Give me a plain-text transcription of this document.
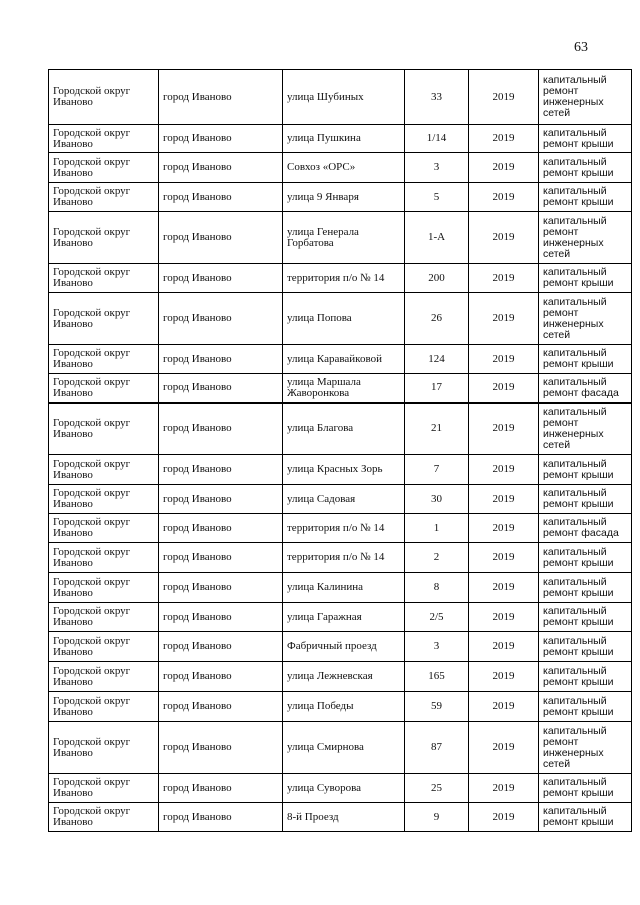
63
Городской округ Иваново	город Иваново	улица Шубиных	33	2019	капитальный ремонт инженерных сетей
Городской округ Иваново	город Иваново	улица Пушкина	1/14	2019	капитальный ремонт крыши
Городской округ Иваново	город Иваново	Совхоз «ОРС»	3	2019	капитальный ремонт крыши
Городской округ Иваново	город Иваново	улица 9 Января	5	2019	капитальный ремонт крыши
Городской округ Иваново	город Иваново	улица Генерала Горбатова	1-А	2019	капитальный ремонт инженерных сетей
Городской округ Иваново	город Иваново	территория п/о № 14	200	2019	капитальный ремонт крыши
Городской округ Иваново	город Иваново	улица Попова	26	2019	капитальный ремонт инженерных сетей
Городской округ Иваново	город Иваново	улица Каравайковой	124	2019	капитальный ремонт крыши
Городской округ Иваново	город Иваново	улица Маршала Жаворонкова	17	2019	капитальный ремонт фасада
Городской округ Иваново	город Иваново	улица Благова	21	2019	капитальный ремонт инженерных сетей
Городской округ Иваново	город Иваново	улица Красных Зорь	7	2019	капитальный ремонт крыши
Городской округ Иваново	город Иваново	улица Садовая	30	2019	капитальный ремонт крыши
Городской округ Иваново	город Иваново	территория п/о № 14	1	2019	капитальный ремонт фасада
Городской округ Иваново	город Иваново	территория п/о № 14	2	2019	капитальный ремонт крыши
Городской округ Иваново	город Иваново	улица Калинина	8	2019	капитальный ремонт крыши
Городской округ Иваново	город Иваново	улица Гаражная	2/5	2019	капитальный ремонт крыши
Городской округ Иваново	город Иваново	Фабричный проезд	3	2019	капитальный ремонт крыши
Городской округ Иваново	город Иваново	улица Лежневская	165	2019	капитальный ремонт крыши
Городской округ Иваново	город Иваново	улица Победы	59	2019	капитальный ремонт крыши
Городской округ Иваново	город Иваново	улица Смирнова	87	2019	капитальный ремонт инженерных сетей
Городской округ Иваново	город Иваново	улица Суворова	25	2019	капитальный ремонт крыши
Городской округ Иваново	город Иваново	8-й Проезд	9	2019	капитальный ремонт крыши
